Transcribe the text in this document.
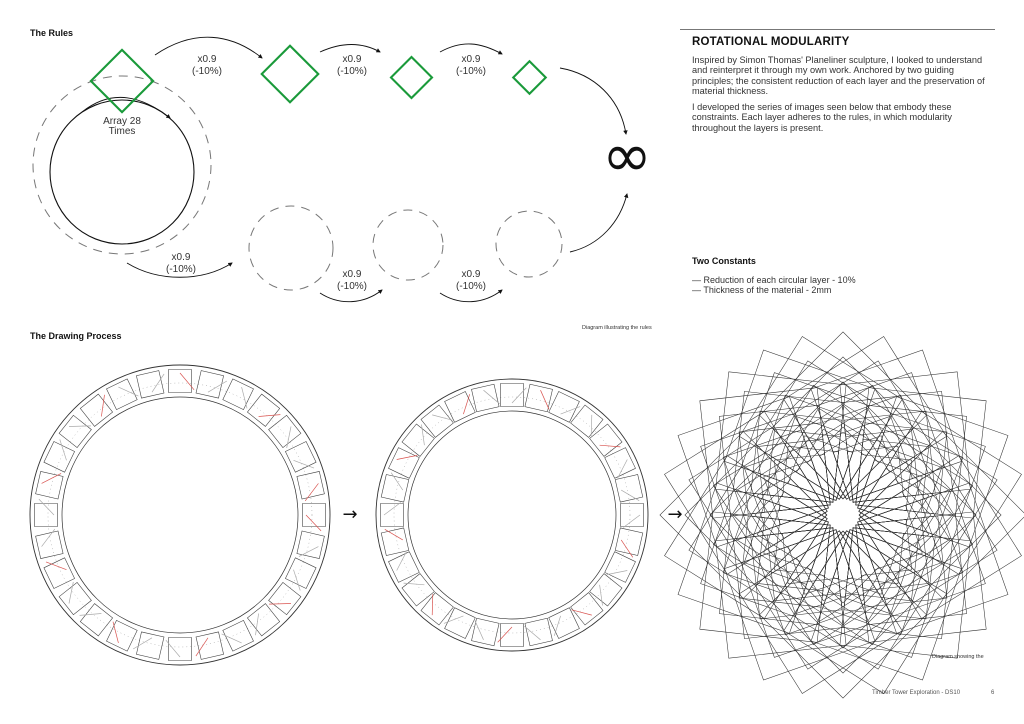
The Rules
The Drawing Process
ROTATIONAL MODULARITY
Inspired by Simon Thomas' Planeliner sculpture, I looked to understand and reinterpret it through my own work. Anchored by two guiding principles; the consistent reduction of each layer and the preservation of material thickness.
I developed the series of images seen below that embody these constraints. Each layer adheres to the rules, in which modularity throughout the layers is present.
Two Constants
— Reduction of each circular layer - 10%
— Thickness of the material - 2mm
Diagram illustrating the rules
Diagram showing the
Timber Tower Exploration - DS10	6
Array 28
Times
x0.9
(-10%)
x0.9
(-10%)
x0.9
(-10%)
∞
x0.9
(-10%)	x0.9
(-10%)
x0.9
(-10%)
→	→
